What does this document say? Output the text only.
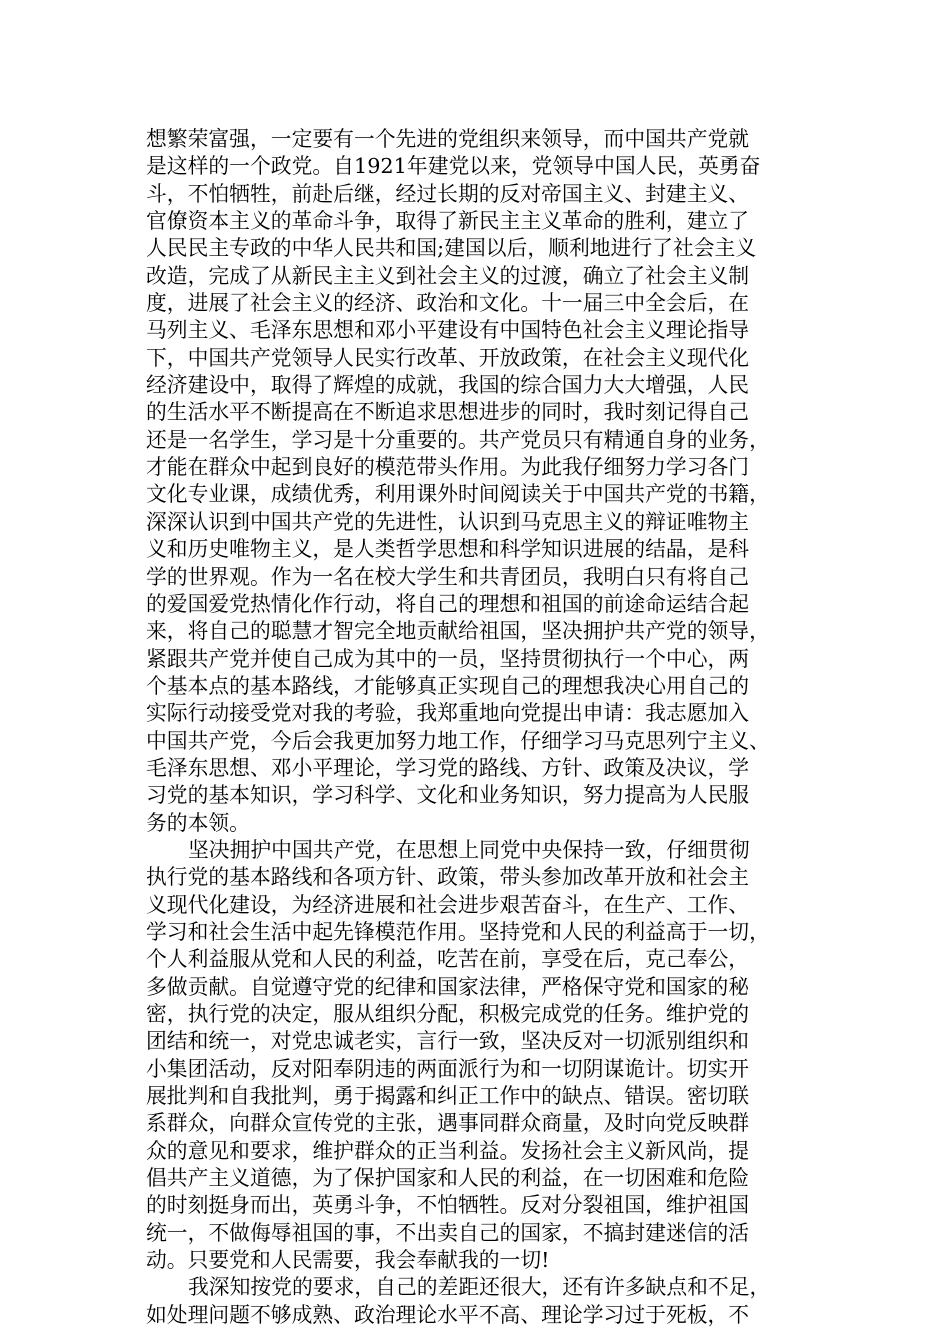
想繁荣富强，一定要有一个先进的党组织来领导，而中国共产党就
是这样的一个政党。自1921年建党以来，党领导中国人民，英勇奋
斗，不怕牺牲，前赴后继，经过长期的反对帝国主义、封建主义、
官僚资本主义的革命斗争，取得了新民主主义革命的胜利，建立了
人民民主专政的中华人民共和国;建国以后，顺利地进行了社会主义
改造，完成了从新民主主义到社会主义的过渡，确立了社会主义制
度，进展了社会主义的经济、政治和文化。十一届三中全会后，在
马列主义、毛泽东思想和邓小平建设有中国特色社会主义理论指导
下，中国共产党领导人民实行改革、开放政策，在社会主义现代化
经济建设中，取得了辉煌的成就，我国的综合国力大大增强，人民
的生活水平不断提高在不断追求思想进步的同时，我时刻记得自己
还是一名学生，学习是十分重要的。共产党员只有精通自身的业务，
才能在群众中起到良好的模范带头作用。为此我仔细努力学习各门
文化专业课，成绩优秀，利用课外时间阅读关于中国共产党的书籍，
深深认识到中国共产党的先进性，认识到马克思主义的辩证唯物主
义和历史唯物主义，是人类哲学思想和科学知识进展的结晶，是科
学的世界观。作为一名在校大学生和共青团员，我明白只有将自己
的爱国爱党热情化作行动，将自己的理想和祖国的前途命运结合起
来，将自己的聪慧才智完全地贡献给祖国，坚决拥护共产党的领导，
紧跟共产党并使自己成为其中的一员，坚持贯彻执行一个中心，两
个基本点的基本路线，才能够真正实现自己的理想我决心用自己的
实际行动接受党对我的考验，我郑重地向党提出申请：我志愿加入
中国共产党，今后会我更加努力地工作，仔细学习马克思列宁主义、
毛泽东思想、邓小平理论，学习党的路线、方针、政策及决议，学
习党的基本知识，学习科学、文化和业务知识，努力提高为人民服
务的本领。
坚决拥护中国共产党，在思想上同党中央保持一致，仔细贯彻
执行党的基本路线和各项方针、政策，带头参加改革开放和社会主
义现代化建设，为经济进展和社会进步艰苦奋斗，在生产、工作、
学习和社会生活中起先锋模范作用。坚持党和人民的利益高于一切，
个人利益服从党和人民的利益，吃苦在前，享受在后，克己奉公，
多做贡献。自觉遵守党的纪律和国家法律，严格保守党和国家的秘
密，执行党的决定，服从组织分配，积极完成党的任务。维护党的
团结和统一，对党忠诚老实，言行一致，坚决反对一切派别组织和
小集团活动，反对阳奉阴违的两面派行为和一切阴谋诡计。切实开
展批判和自我批判，勇于揭露和纠正工作中的缺点、错误。密切联
系群众，向群众宣传党的主张，遇事同群众商量，及时向党反映群
众的意见和要求，维护群众的正当利益。发扬社会主义新风尚，提
倡共产主义道德，为了保护国家和人民的利益，在一切困难和危险
的时刻挺身而出，英勇斗争，不怕牺牲。反对分裂祖国，维护祖国
统一，不做侮辱祖国的事，不出卖自己的国家，不搞封建迷信的活
动。只要党和人民需要，我会奉献我的一切!
我深知按党的要求，自己的差距还很大，还有许多缺点和不足，
如处理问题不够成熟、政治理论水平不高、理论学习过于死板，不
